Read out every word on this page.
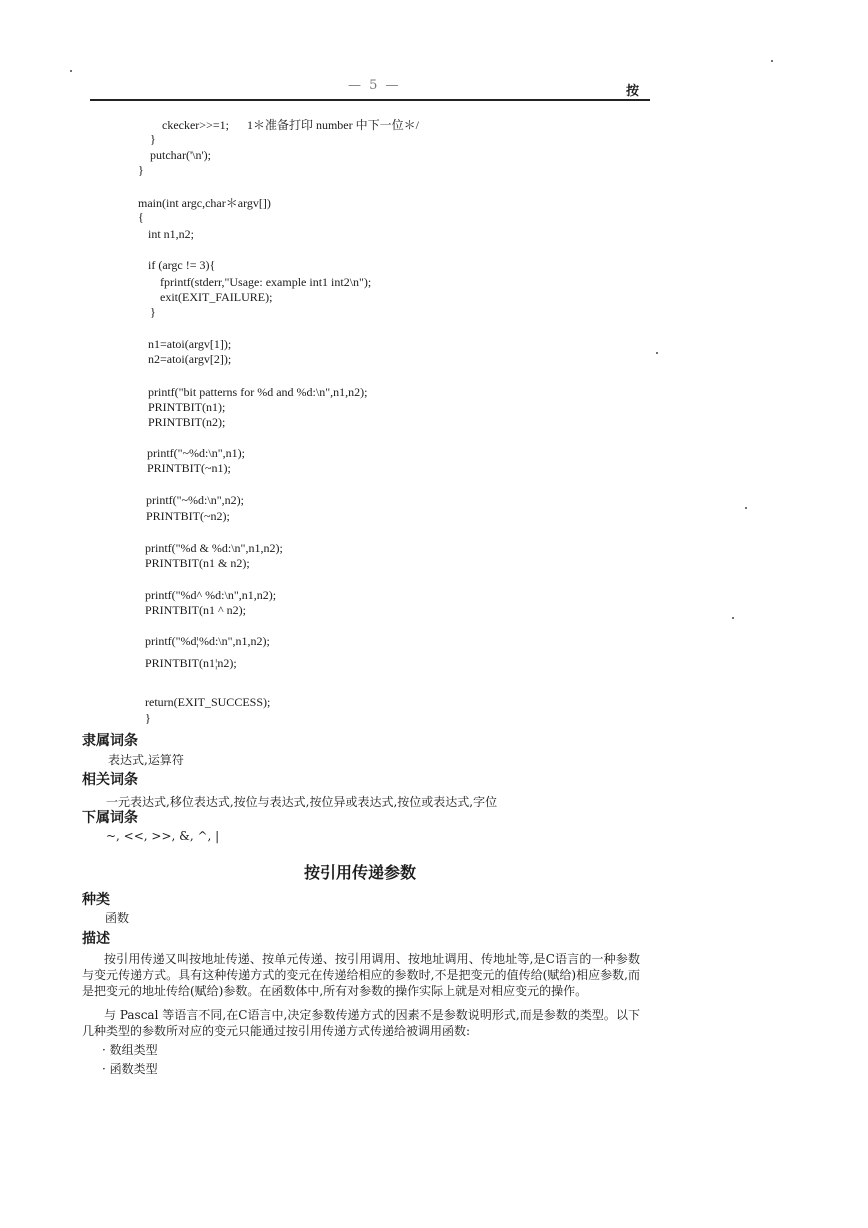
— 5 —	按
ckecker>>=1;      1＊准备打印 number 中下一位＊/
}
putchar('\n');
}
main(int argc,char＊argv[])
{
int n1,n2;
if (argc != 3){
fprintf(stderr,"Usage: example int1 int2\n");
exit(EXIT_FAILURE);
}
n1=atoi(argv[1]);
n2=atoi(argv[2]);
printf("bit patterns for %d and %d:\n",n1,n2);
PRINTBIT(n1);
PRINTBIT(n2);
printf("~%d:\n",n1);
PRINTBIT(~n1);
printf("~%d:\n",n2);
PRINTBIT(~n2);
printf("%d & %d:\n",n1,n2);
PRINTBIT(n1 & n2);
printf("%d^ %d:\n",n1,n2);
PRINTBIT(n1 ^ n2);
printf("%d¦%d:\n",n1,n2);
PRINTBIT(n1¦n2);
return(EXIT_SUCCESS);
}
隶属词条
表达式,运算符
相关词条
一元表达式,移位表达式,按位与表达式,按位异或表达式,按位或表达式,字位
下属词条
~, <<, >>, &, ^, |
按引用传递参数
种类
函数
描述
按引用传递又叫按地址传递、按单元传递、按引用调用、按地址调用、传地址等,是C语言的一种参数与变元传递方式。具有这种传递方式的变元在传递给相应的参数时,不是把变元的值传给(赋给)相应参数,而是把变元的地址传给(赋给)参数。在函数体中,所有对参数的操作实际上就是对相应变元的操作。
与 Pascal 等语言不同,在C语言中,决定参数传递方式的因素不是参数说明形式,而是参数的类型。以下几种类型的参数所对应的变元只能通过按引用传递方式传递给被调用函数:
· 数组类型
· 函数类型
